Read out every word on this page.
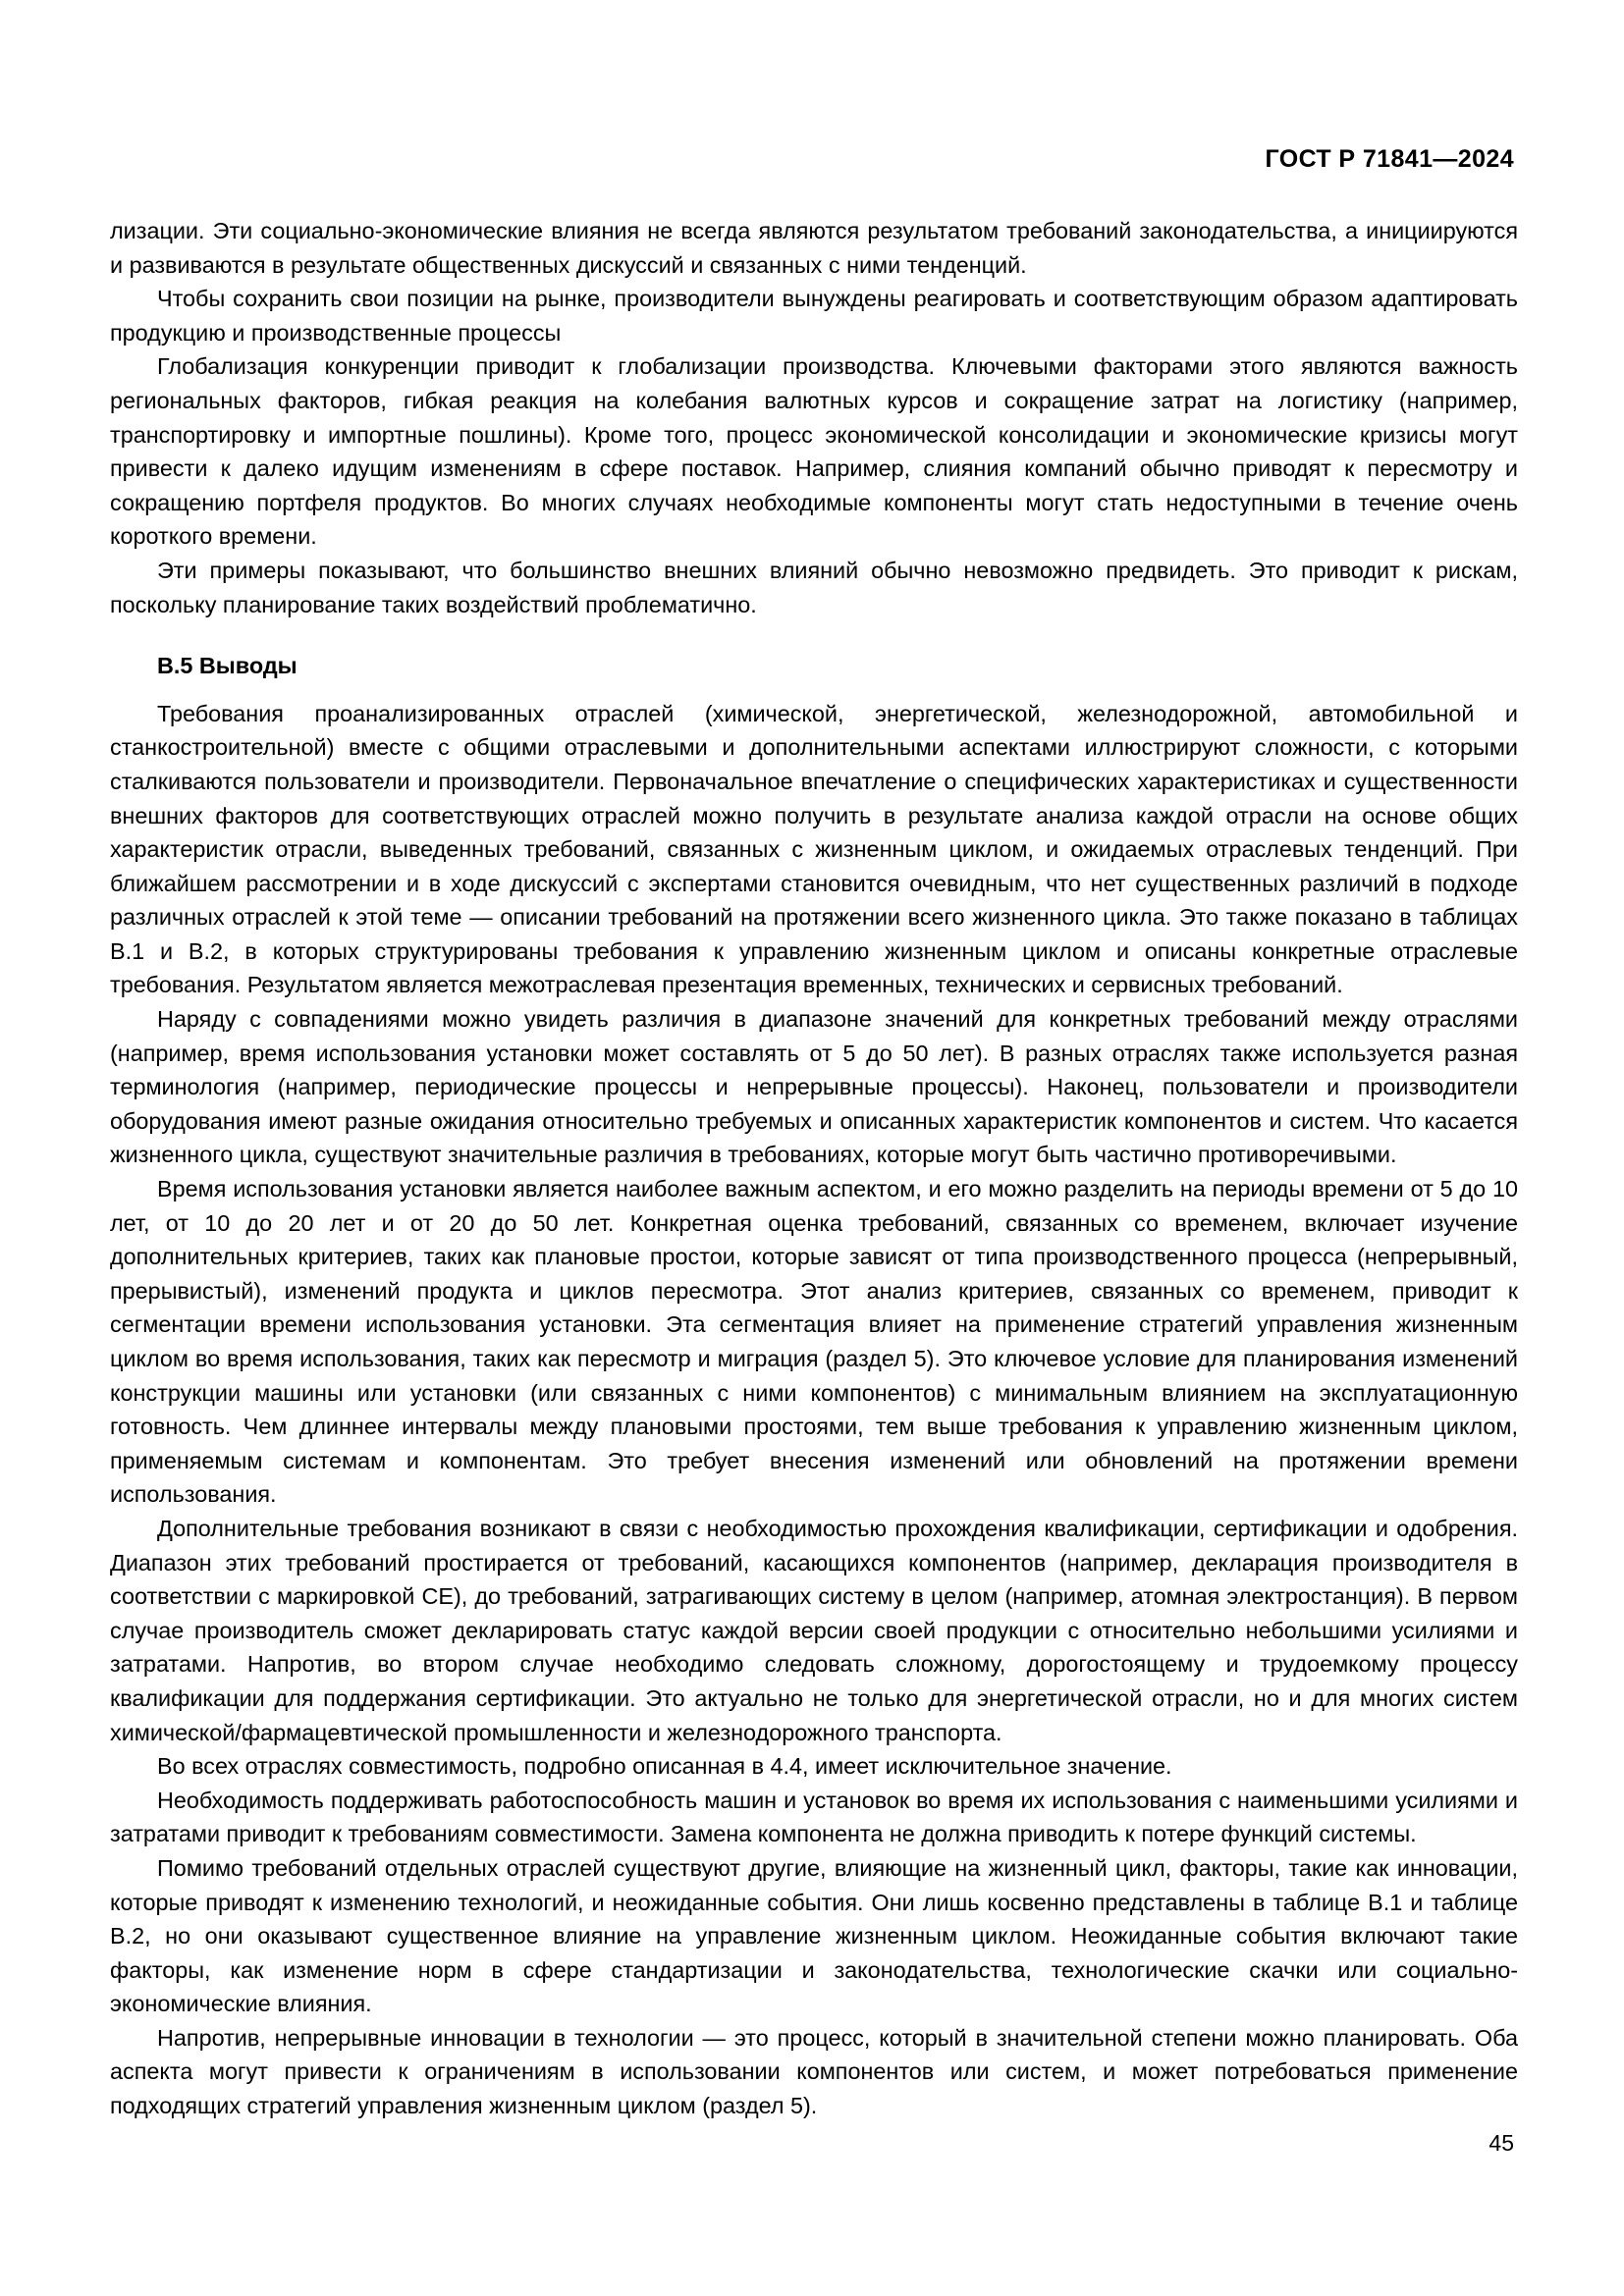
ГОСТ Р 71841—2024

лизации. Эти социально-экономические влияния не всегда являются результатом требований законодательства, а инициируются и развиваются в результате общественных дискуссий и связанных с ними тенденций.

Чтобы сохранить свои позиции на рынке, производители вынуждены реагировать и соответствующим образом адаптировать продукцию и производственные процессы

Глобализация конкуренции приводит к глобализации производства. Ключевыми факторами этого являются важность региональных факторов, гибкая реакция на колебания валютных курсов и сокращение затрат на логистику (например, транспортировку и импортные пошлины). Кроме того, процесс экономической консолидации и экономические кризисы могут привести к далеко идущим изменениям в сфере поставок. Например, слияния компаний обычно приводят к пересмотру и сокращению портфеля продуктов. Во многих случаях необходимые компоненты могут стать недоступными в течение очень короткого времени.

Эти примеры показывают, что большинство внешних влияний обычно невозможно предвидеть. Это приводит к рискам, поскольку планирование таких воздействий проблематично.

В.5 Выводы

Требования проанализированных отраслей (химической, энергетической, железнодорожной, автомобильной и станкостроительной) вместе с общими отраслевыми и дополнительными аспектами иллюстрируют сложности, с которыми сталкиваются пользователи и производители. Первоначальное впечатление о специфических характеристиках и существенности внешних факторов для соответствующих отраслей можно получить в результате анализа каждой отрасли на основе общих характеристик отрасли, выведенных требований, связанных с жизненным циклом, и ожидаемых отраслевых тенденций. При ближайшем рассмотрении и в ходе дискуссий с экспертами становится очевидным, что нет существенных различий в подходе различных отраслей к этой теме — описании требований на протяжении всего жизненного цикла. Это также показано в таблицах В.1 и В.2, в которых структурированы требования к управлению жизненным циклом и описаны конкретные отраслевые требования. Результатом является межотраслевая презентация временных, технических и сервисных требований.

Наряду с совпадениями можно увидеть различия в диапазоне значений для конкретных требований между отраслями (например, время использования установки может составлять от 5 до 50 лет). В разных отраслях также используется разная терминология (например, периодические процессы и непрерывные процессы). Наконец, пользователи и производители оборудования имеют разные ожидания относительно требуемых и описанных характеристик компонентов и систем. Что касается жизненного цикла, существуют значительные различия в требованиях, которые могут быть частично противоречивыми.

Время использования установки является наиболее важным аспектом, и его можно разделить на периоды времени от 5 до 10 лет, от 10 до 20 лет и от 20 до 50 лет. Конкретная оценка требований, связанных со временем, включает изучение дополнительных критериев, таких как плановые простои, которые зависят от типа производственного процесса (непрерывный, прерывистый), изменений продукта и циклов пересмотра. Этот анализ критериев, связанных со временем, приводит к сегментации времени использования установки. Эта сегментация влияет на применение стратегий управления жизненным циклом во время использования, таких как пересмотр и миграция (раздел 5). Это ключевое условие для планирования изменений конструкции машины или установки (или связанных с ними компонентов) с минимальным влиянием на эксплуатационную готовность. Чем длиннее интервалы между плановыми простоями, тем выше требования к управлению жизненным циклом, применяемым системам и компонентам. Это требует внесения изменений или обновлений на протяжении времени использования.

Дополнительные требования возникают в связи с необходимостью прохождения квалификации, сертификации и одобрения. Диапазон этих требований простирается от требований, касающихся компонентов (например, декларация производителя в соответствии с маркировкой СЕ), до требований, затрагивающих систему в целом (например, атомная электростанция). В первом случае производитель сможет декларировать статус каждой версии своей продукции с относительно небольшими усилиями и затратами. Напротив, во втором случае необходимо следовать сложному, дорогостоящему и трудоемкому процессу квалификации для поддержания сертификации. Это актуально не только для энергетической отрасли, но и для многих систем химической/фармацевтической промышленности и железнодорожного транспорта.

Во всех отраслях совместимость, подробно описанная в 4.4, имеет исключительное значение.

Необходимость поддерживать работоспособность машин и установок во время их использования с наименьшими усилиями и затратами приводит к требованиям совместимости. Замена компонента не должна приводить к потере функций системы.

Помимо требований отдельных отраслей существуют другие, влияющие на жизненный цикл, факторы, такие как инновации, которые приводят к изменению технологий, и неожиданные события. Они лишь косвенно представлены в таблице В.1 и таблице В.2, но они оказывают существенное влияние на управление жизненным циклом. Неожиданные события включают такие факторы, как изменение норм в сфере стандартизации и законодательства, технологические скачки или социально-экономические влияния.

Напротив, непрерывные инновации в технологии — это процесс, который в значительной степени можно планировать. Оба аспекта могут привести к ограничениям в использовании компонентов или систем, и может потребоваться применение подходящих стратегий управления жизненным циклом (раздел 5).

45
